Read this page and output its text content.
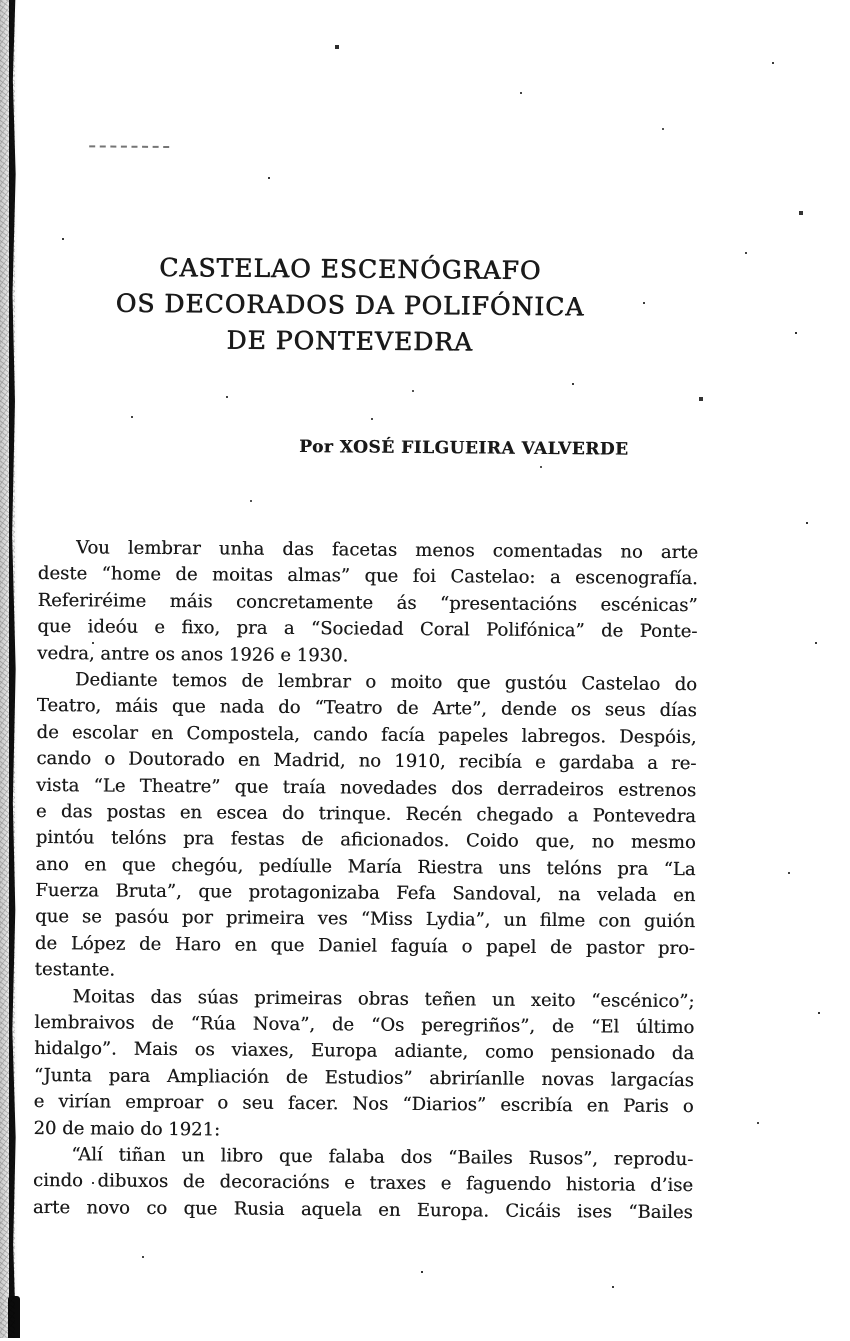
CASTELAO ESCENÓGRAFO
OS DECORADOS DA POLIFÓNICA
DE PONTEVEDRA
Por XOSÉ FILGUEIRA VALVERDE
Vou lembrar unha das facetas menos comentadas no arte
deste “home de moitas almas” que foi Castelao: a escenografía.
Referiréime máis concretamente ás “presentacións escénicas”
que ideóu e fixo, pra a “Sociedad Coral Polifónica” de Ponte-
vedra, antre os anos 1926 e 1930.
Dediante temos de lembrar o moito que gustóu Castelao do
Teatro, máis que nada do “Teatro de Arte”, dende os seus días
de escolar en Compostela, cando facía papeles labregos. Despóis,
cando o Doutorado en Madrid, no 1910, recibía e gardaba a re-
vista “Le Theatre” que traía novedades dos derradeiros estrenos
e das postas en escea do trinque. Recén chegado a Pontevedra
pintóu telóns pra festas de aficionados. Coido que, no mesmo
ano en que chegóu, pedíulle María Riestra uns telóns pra “La
Fuerza Bruta”, que protagonizaba Fefa Sandoval, na velada en
que se pasóu por primeira ves “Miss Lydia”, un filme con guión
de López de Haro en que Daniel faguía o papel de pastor pro-
testante.
Moitas das súas primeiras obras teñen un xeito “escénico”;
lembraivos de “Rúa Nova”, de “Os peregriños”, de “El último
hidalgo”. Mais os viaxes, Europa adiante, como pensionado da
“Junta para Ampliación de Estudios” abriríanlle novas largacías
e virían emproar o seu facer. Nos “Diarios” escribía en Paris o
20 de maio do 1921:
“Alí tiñan un libro que falaba dos “Bailes Rusos”, reprodu-
cindo dibuxos de decoracións e traxes e faguendo historia d’ise
arte novo co que Rusia aquela en Europa. Cicáis ises “Bailes
